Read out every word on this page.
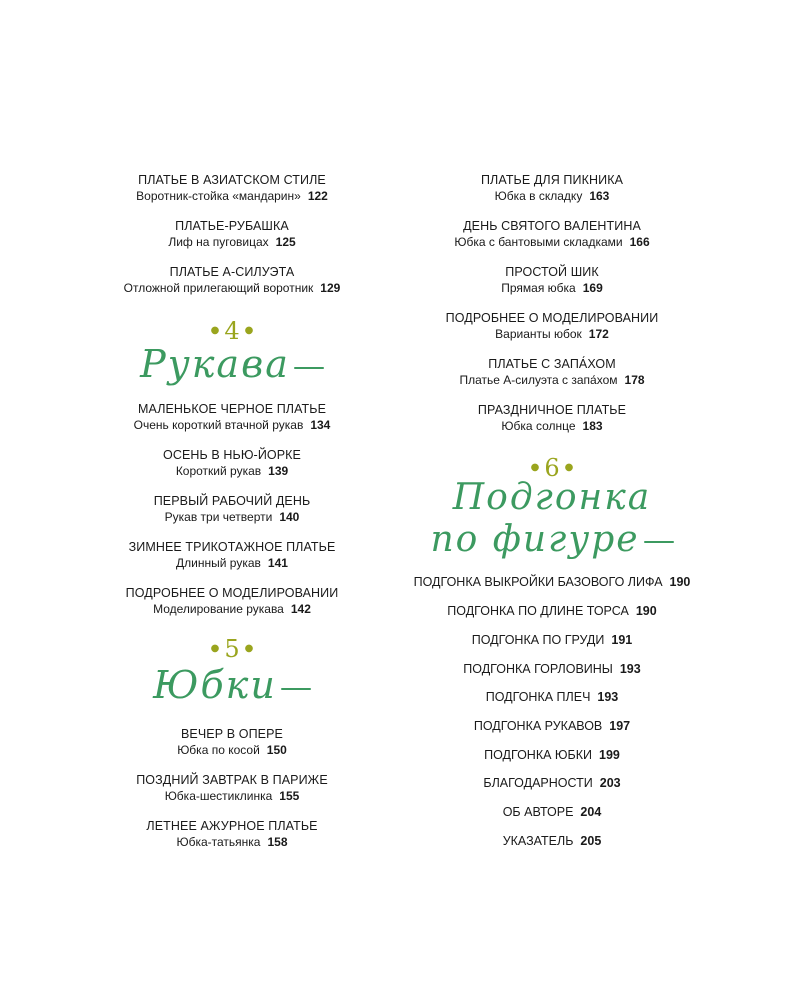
ПЛАТЬЕ В АЗИАТСКОМ СТИЛЕ
Воротник-стойка «мандарин» 122
ПЛАТЬЕ-РУБАШКА
Лиф на пуговицах 125
ПЛАТЬЕ А-СИЛУЭТА
Отложной прилегающий воротник 129
● 4 ●
Рукава
МАЛЕНЬКОЕ ЧЕРНОЕ ПЛАТЬЕ
Очень короткий втачной рукав 134
ОСЕНЬ В НЬЮ-ЙОРКЕ
Короткий рукав 139
ПЕРВЫЙ РАБОЧИЙ ДЕНЬ
Рукав три четверти 140
ЗИМНЕЕ ТРИКОТАЖНОЕ ПЛАТЬЕ
Длинный рукав 141
ПОДРОБНЕЕ О МОДЕЛИРОВАНИИ
Моделирование рукава 142
● 5 ●
Юбки
ВЕЧЕР В ОПЕРЕ
Юбка по косой 150
ПОЗДНИЙ ЗАВТРАК В ПАРИЖЕ
Юбка-шестиклинка 155
ЛЕТНЕЕ АЖУРНОЕ ПЛАТЬЕ
Юбка-татьянка 158
ПЛАТЬЕ ДЛЯ ПИКНИКА
Юбка в складку 163
ДЕНЬ СВЯТОГО ВАЛЕНТИНА
Юбка с бантовыми складками 166
ПРОСТОЙ ШИК
Прямая юбка 169
ПОДРОБНЕЕ О МОДЕЛИРОВАНИИ
Варианты юбок 172
ПЛАТЬЕ С ЗАПА́ХОМ
Платье А-силуэта с запа́хом 178
ПРАЗДНИЧНОЕ ПЛАТЬЕ
Юбка солнце 183
● 6 ●
Подгонка
по фигуре
ПОДГОНКА ВЫКРОЙКИ БАЗОВОГО ЛИФА 190
ПОДГОНКА ПО ДЛИНЕ ТОРСА 190
ПОДГОНКА ПО ГРУДИ 191
ПОДГОНКА ГОРЛОВИНЫ 193
ПОДГОНКА ПЛЕЧ 193
ПОДГОНКА РУКАВОВ 197
ПОДГОНКА ЮБКИ 199
БЛАГОДАРНОСТИ 203
ОБ АВТОРЕ 204
УКАЗАТЕЛЬ 205
